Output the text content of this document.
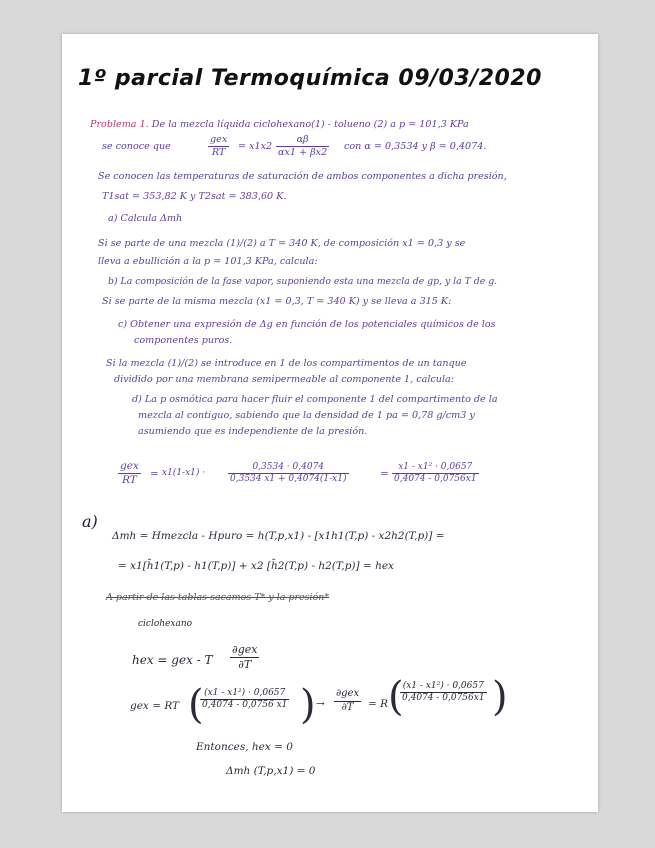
1º parcial Termoquímica 09/03/2020
Problema 1. De la mezcla líquida ciclohexano(1) - tolueno (2) a p = 101,3 KPa
se conoce que
gex
RT
= x1x2
αβ
αx1 + βx2
con α = 0,3534 y β = 0,4074.
Se conocen las temperaturas de saturación de ambos componentes a dicha presión,
T1sat = 353,82 K y T2sat = 383,60 K.
a) Calcula Δmh
Si se parte de una mezcla (1)/(2) a T = 340 K, de composición x1 = 0,3 y se
lleva a ebullición a la p = 101,3 KPa, calcula:
b) La composición de la fase vapor, suponiendo esta una mezcla de gp, y la T de g.
Si se parte de la misma mezcla (x1 = 0,3, T = 340 K) y se lleva a 315 K:
c) Obtener una expresión de Δg en función de los potenciales químicos de los
componentes puros.
Si la mezcla (1)/(2) se introduce en 1 de los compartimentos de un tanque
dividido por una membrana semipermeable al componente 1, calcula:
d) La p osmótica para hacer fluir el componente 1 del compartimento de la
mezcla al contiguo, sabiendo que la densidad de 1 pa = 0,78 g/cm3 y
asumiendo que es independiente de la presión.
gex
RT
= x1(1-x1) ·
0,3534 · 0,4074
0,3534 x1 + 0,4074(1-x1)	=
x1 - x1² · 0,0657
0,4074 - 0,0756x1
a)
Δmh = Hmezcla - Hpuro = h(T,p,x1) - [x1h1(T,p) - x2h2(T,p)] =
= x1[h̄1(T,p) - h1(T,p)] + x2 [h̄2(T,p) - h2(T,p)] = hex
A partir de las tablas sacamos T* y la presión*
ciclohexano
hex = gex - T
∂gex
∂T
gex = RT ( (x1 - x1²) · 0,0657
0,4074 - 0,0756 x1 ) →
∂gex
∂T = R ( (x1 - x1²) · 0,0657
0,4074 - 0,0756x1 )
Entonces, hex = 0
Δmh (T,p,x1) = 0
